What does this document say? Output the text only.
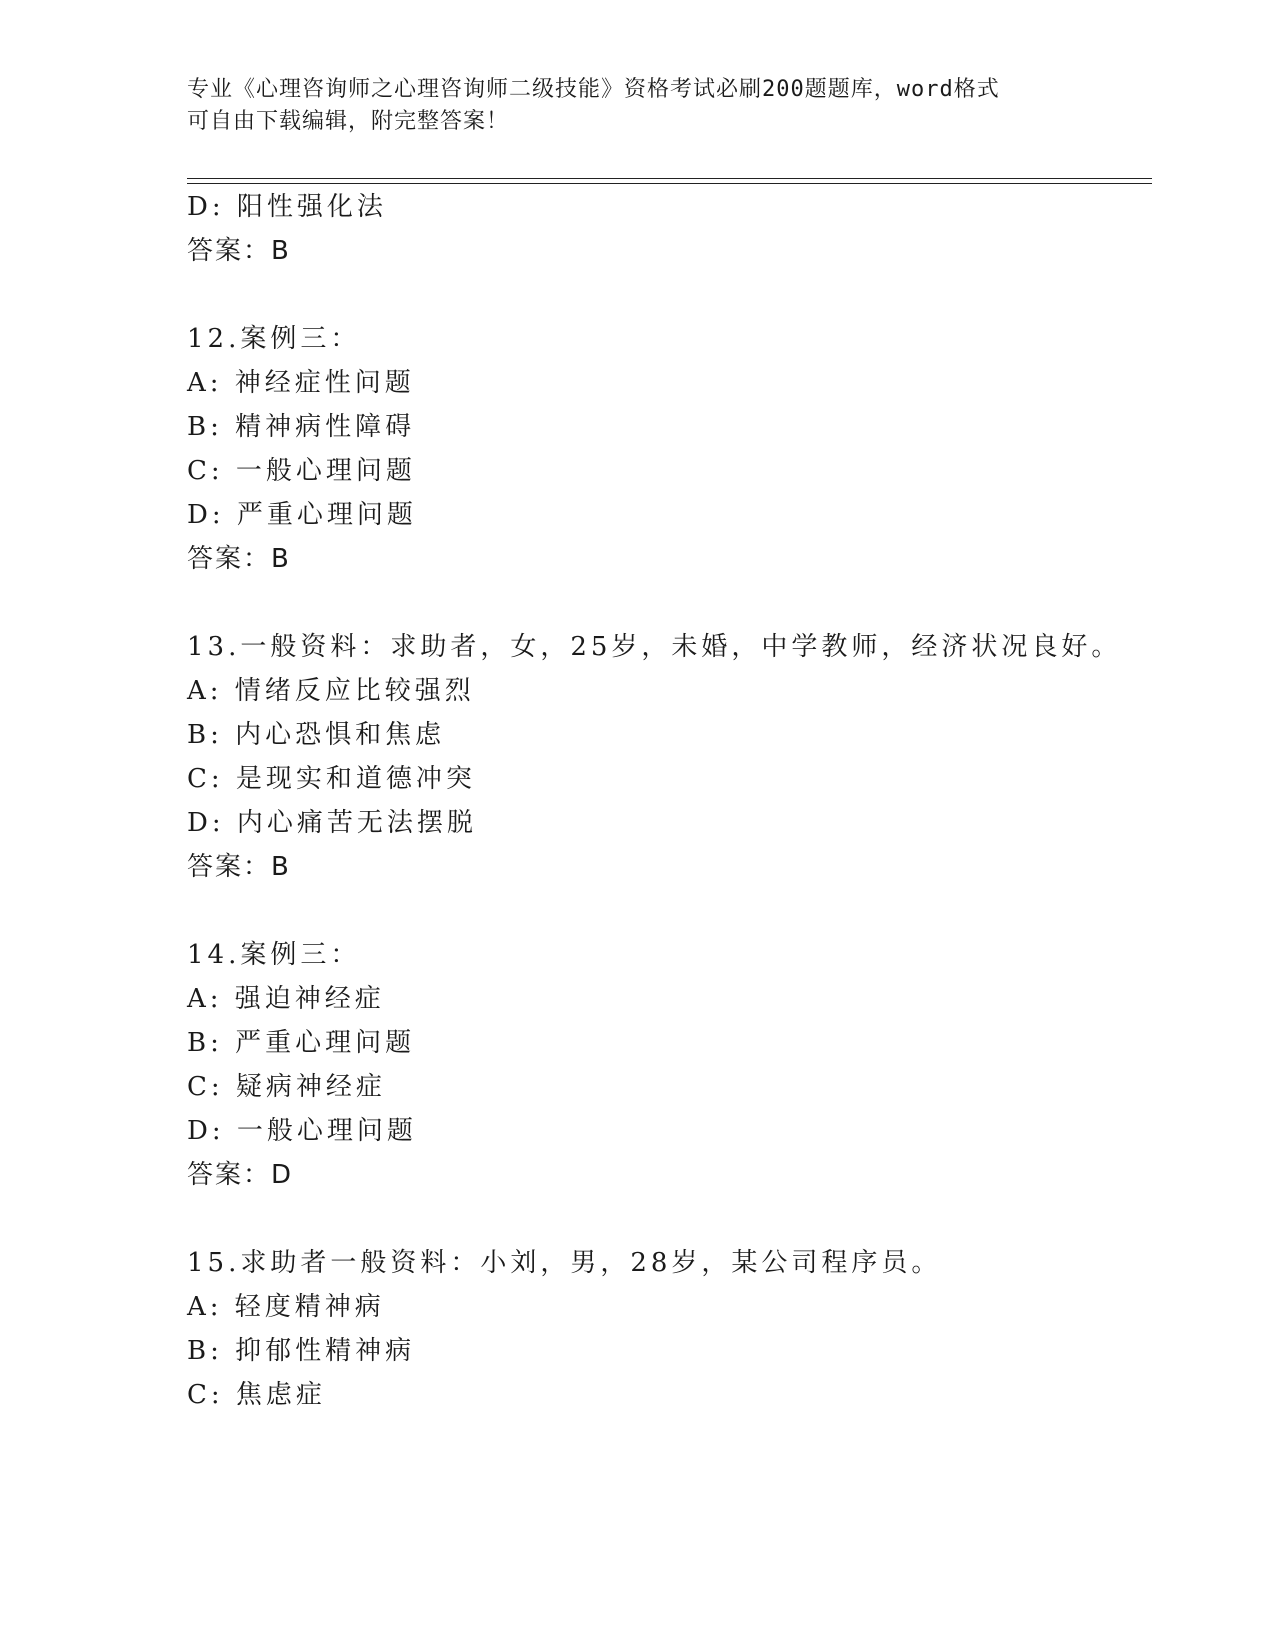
专业《心理咨询师之心理咨询师二级技能》资格考试必刷200题题库，word格式
可自由下载编辑，附完整答案！
D: 阳性强化法
答案：B
12.案例三：
A: 神经症性问题
B: 精神病性障碍
C: 一般心理问题
D: 严重心理问题
答案：B
13.一般资料：求助者，女，25岁，未婚，中学教师，经济状况良好。
A: 情绪反应比较强烈
B: 内心恐惧和焦虑
C: 是现实和道德冲突
D: 内心痛苦无法摆脱
答案：B
14.案例三：
A: 强迫神经症
B: 严重心理问题
C: 疑病神经症
D: 一般心理问题
答案：D
15.求助者一般资料：小刘，男，28岁，某公司程序员。
A: 轻度精神病
B: 抑郁性精神病
C: 焦虑症
